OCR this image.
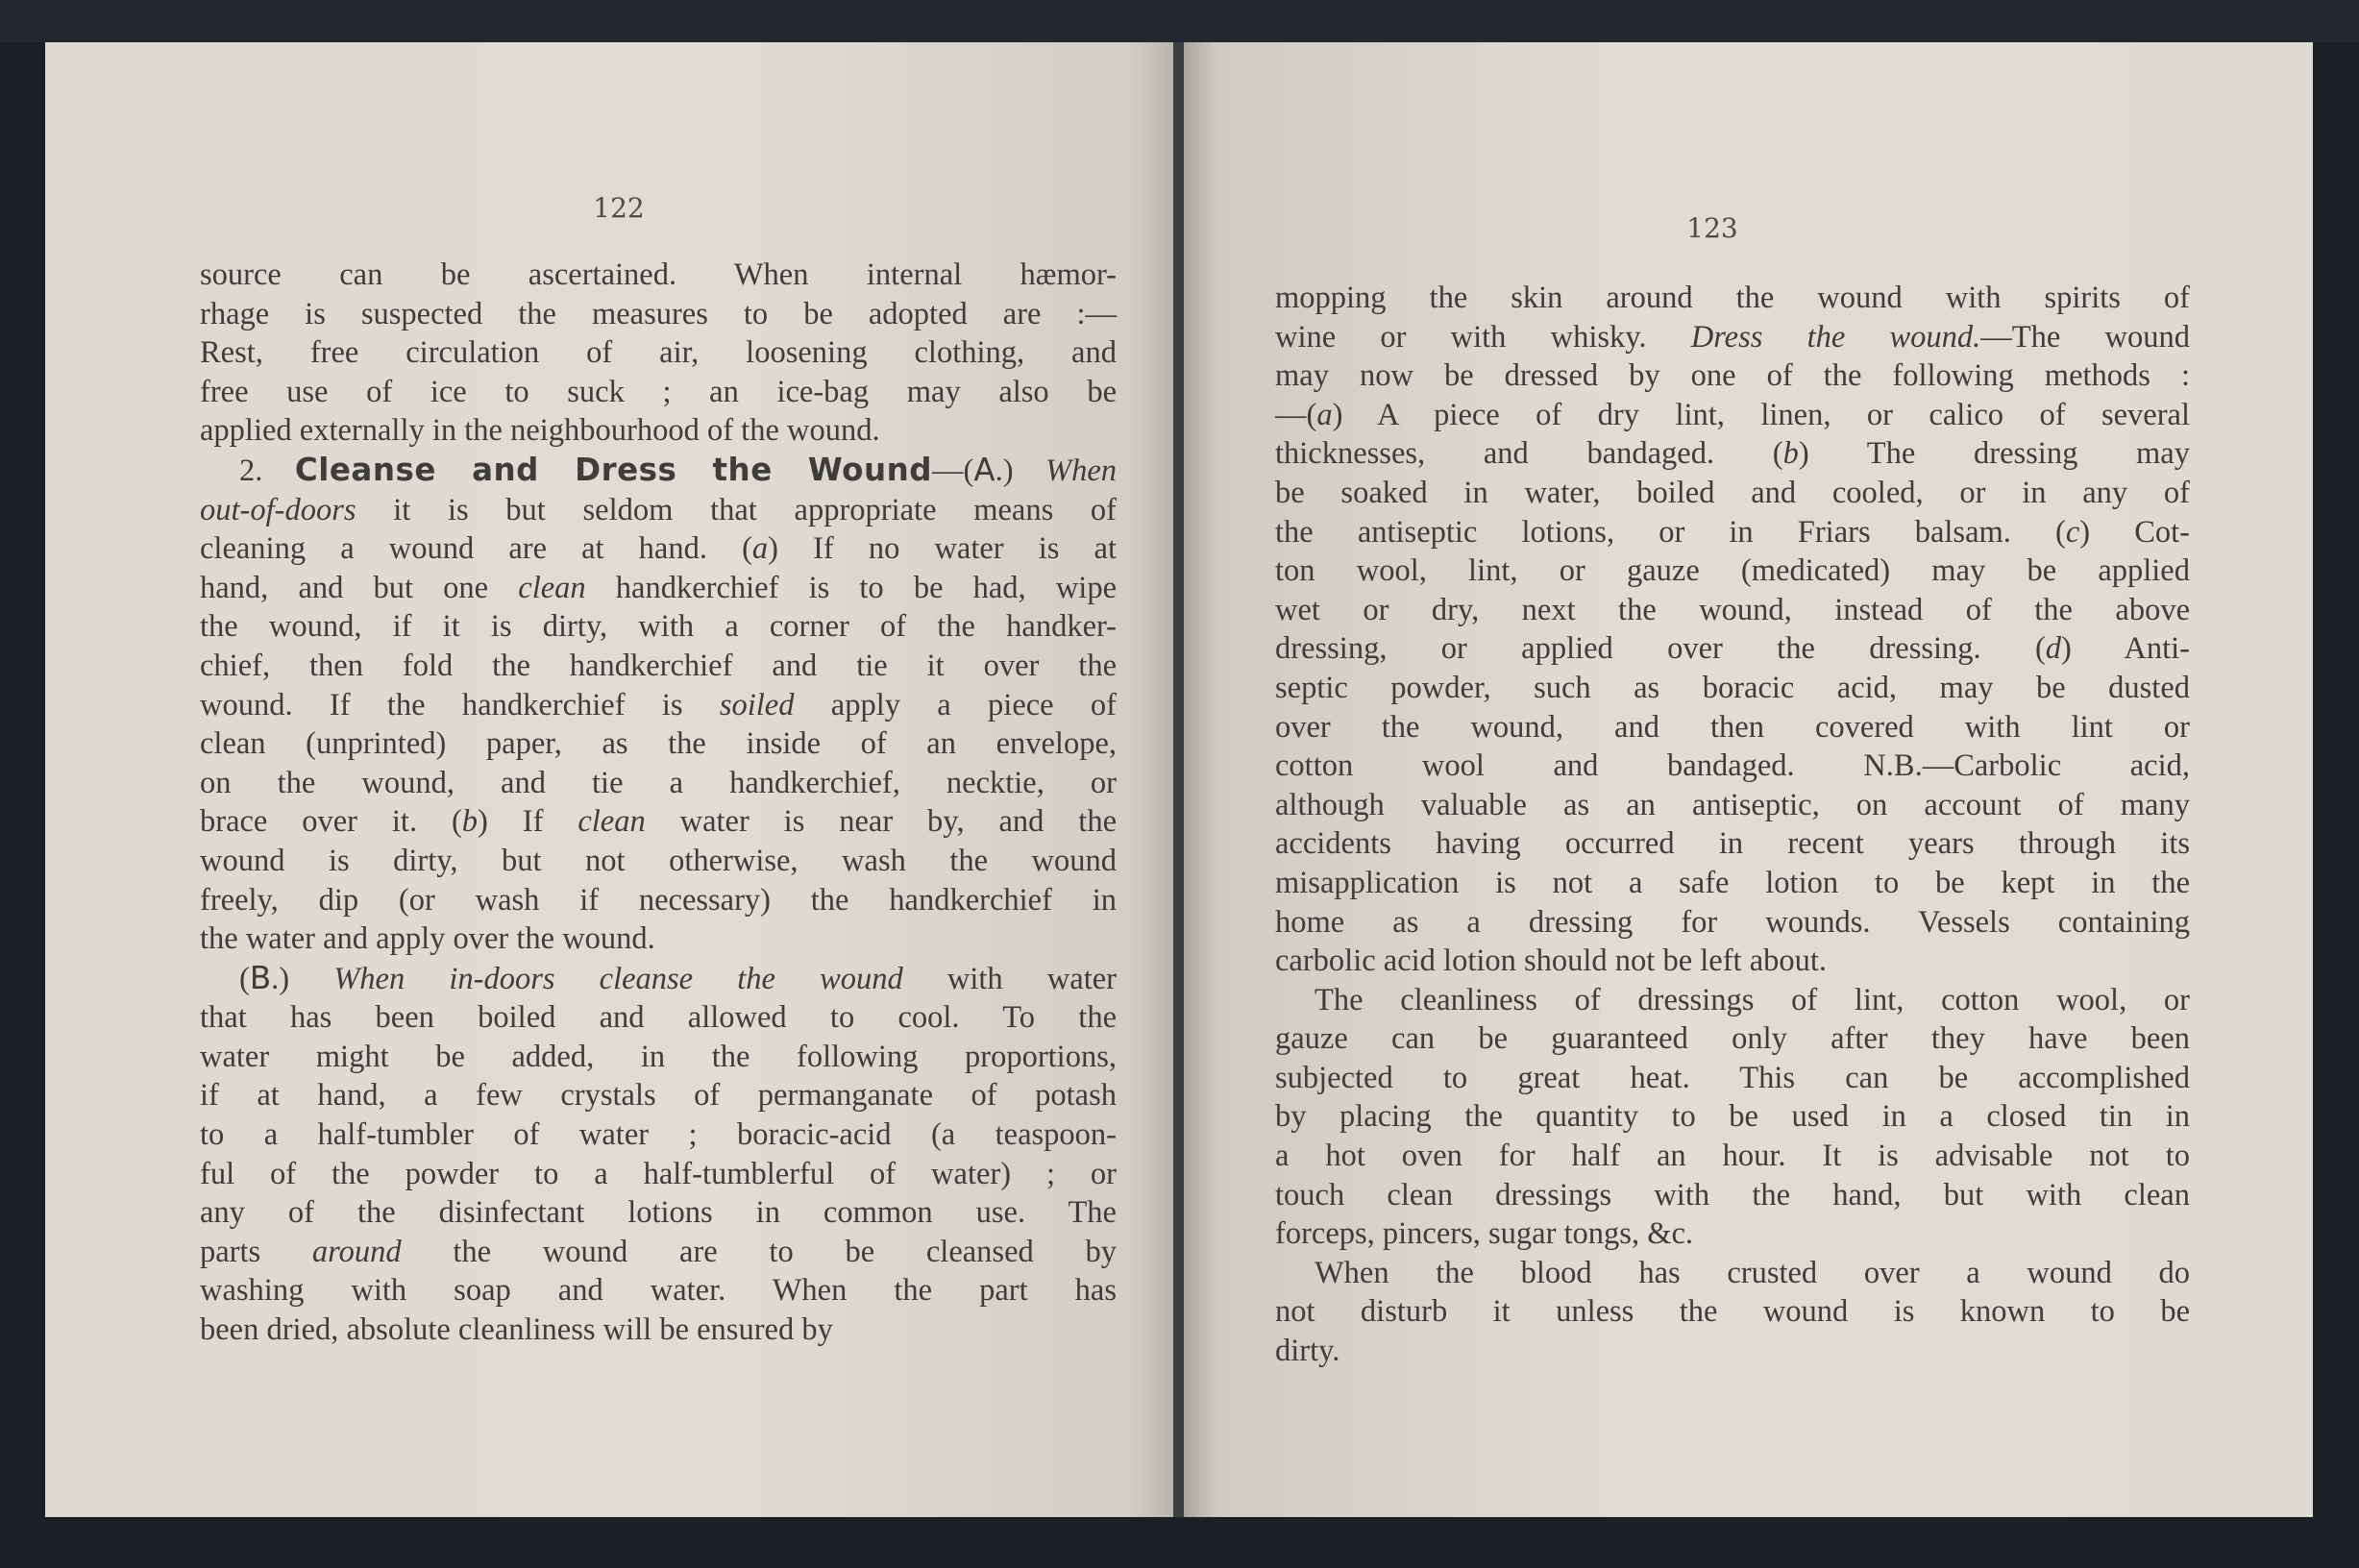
122
source can be ascertained. When internal hæmor-
rhage is suspected the measures to be adopted are :—
Rest, free circulation of air, loosening clothing, and
free use of ice to suck ; an ice-bag may also be
applied externally in the neighbourhood of the wound.
2. Cleanse and Dress the Wound—(A.) When
out-of-doors it is but seldom that appropriate means of
cleaning a wound are at hand. (a) If no water is at
hand, and but one clean handkerchief is to be had, wipe
the wound, if it is dirty, with a corner of the handker-
chief, then fold the handkerchief and tie it over the
wound. If the handkerchief is soiled apply a piece of
clean (unprinted) paper, as the inside of an envelope,
on the wound, and tie a handkerchief, necktie, or
brace over it. (b) If clean water is near by, and the
wound is dirty, but not otherwise, wash the wound
freely, dip (or wash if necessary) the handkerchief in
the water and apply over the wound.
(B.) When in-doors cleanse the wound with water
that has been boiled and allowed to cool. To the
water might be added, in the following proportions,
if at hand, a few crystals of permanganate of potash
to a half-tumbler of water ; boracic-acid (a teaspoon-
ful of the powder to a half-tumblerful of water) ; or
any of the disinfectant lotions in common use. The
parts around the wound are to be cleansed by
washing with soap and water. When the part has
been dried, absolute cleanliness will be ensured by
123
mopping the skin around the wound with spirits of
wine or with whisky. Dress the wound.—The wound
may now be dressed by one of the following methods :
—(a) A piece of dry lint, linen, or calico of several
thicknesses, and bandaged. (b) The dressing may
be soaked in water, boiled and cooled, or in any of
the antiseptic lotions, or in Friars balsam. (c) Cot-
ton wool, lint, or gauze (medicated) may be applied
wet or dry, next the wound, instead of the above
dressing, or applied over the dressing. (d) Anti-
septic powder, such as boracic acid, may be dusted
over the wound, and then covered with lint or
cotton wool and bandaged. N.B.—Carbolic acid,
although valuable as an antiseptic, on account of many
accidents having occurred in recent years through its
misapplication is not a safe lotion to be kept in the
home as a dressing for wounds. Vessels containing
carbolic acid lotion should not be left about.
The cleanliness of dressings of lint, cotton wool, or
gauze can be guaranteed only after they have been
subjected to great heat. This can be accomplished
by placing the quantity to be used in a closed tin in
a hot oven for half an hour. It is advisable not to
touch clean dressings with the hand, but with clean
forceps, pincers, sugar tongs, &c.
When the blood has crusted over a wound do
not disturb it unless the wound is known to be
dirty.
